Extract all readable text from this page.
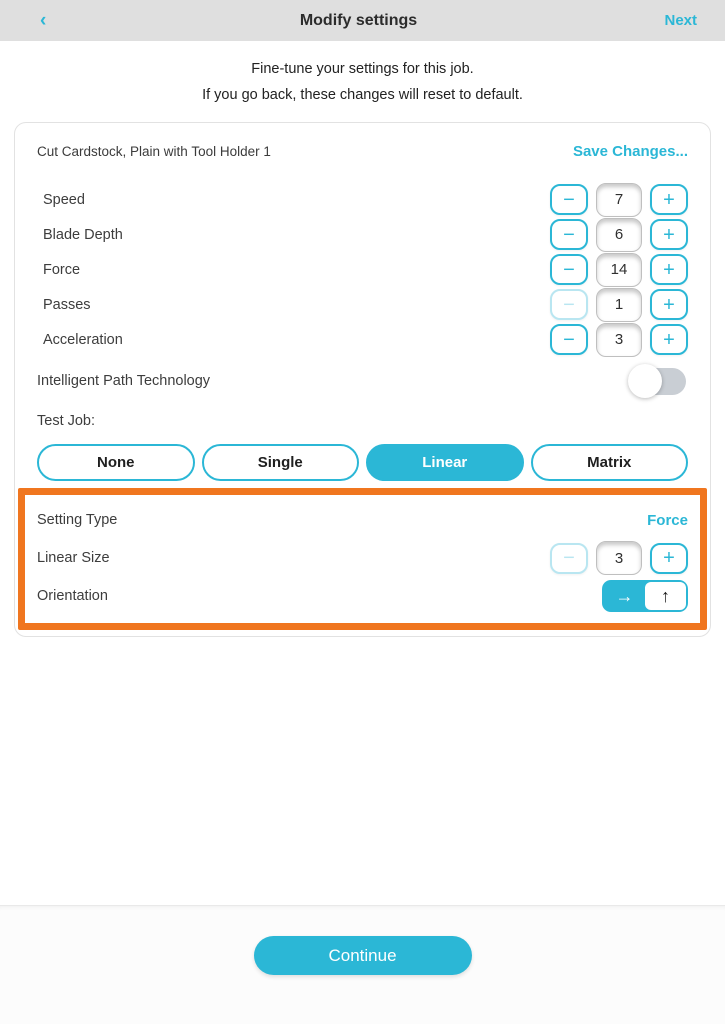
‹	Modify settings	Next

Fine-tune your settings for this job.

If you go back, these changes will reset to default.

Cut Cardstock, Plain with Tool Holder 1	Save Changes...
Speed	−	7	+
Blade Depth	−	6	+
Force	−	14	+
Passes	−	1	+
Acceleration	−	3	+
Intelligent Path Technology
Test Job:
None	Single	Linear	Matrix
Setting Type	Force
Linear Size	−	3	+
Orientation	→ ↑
Continue
